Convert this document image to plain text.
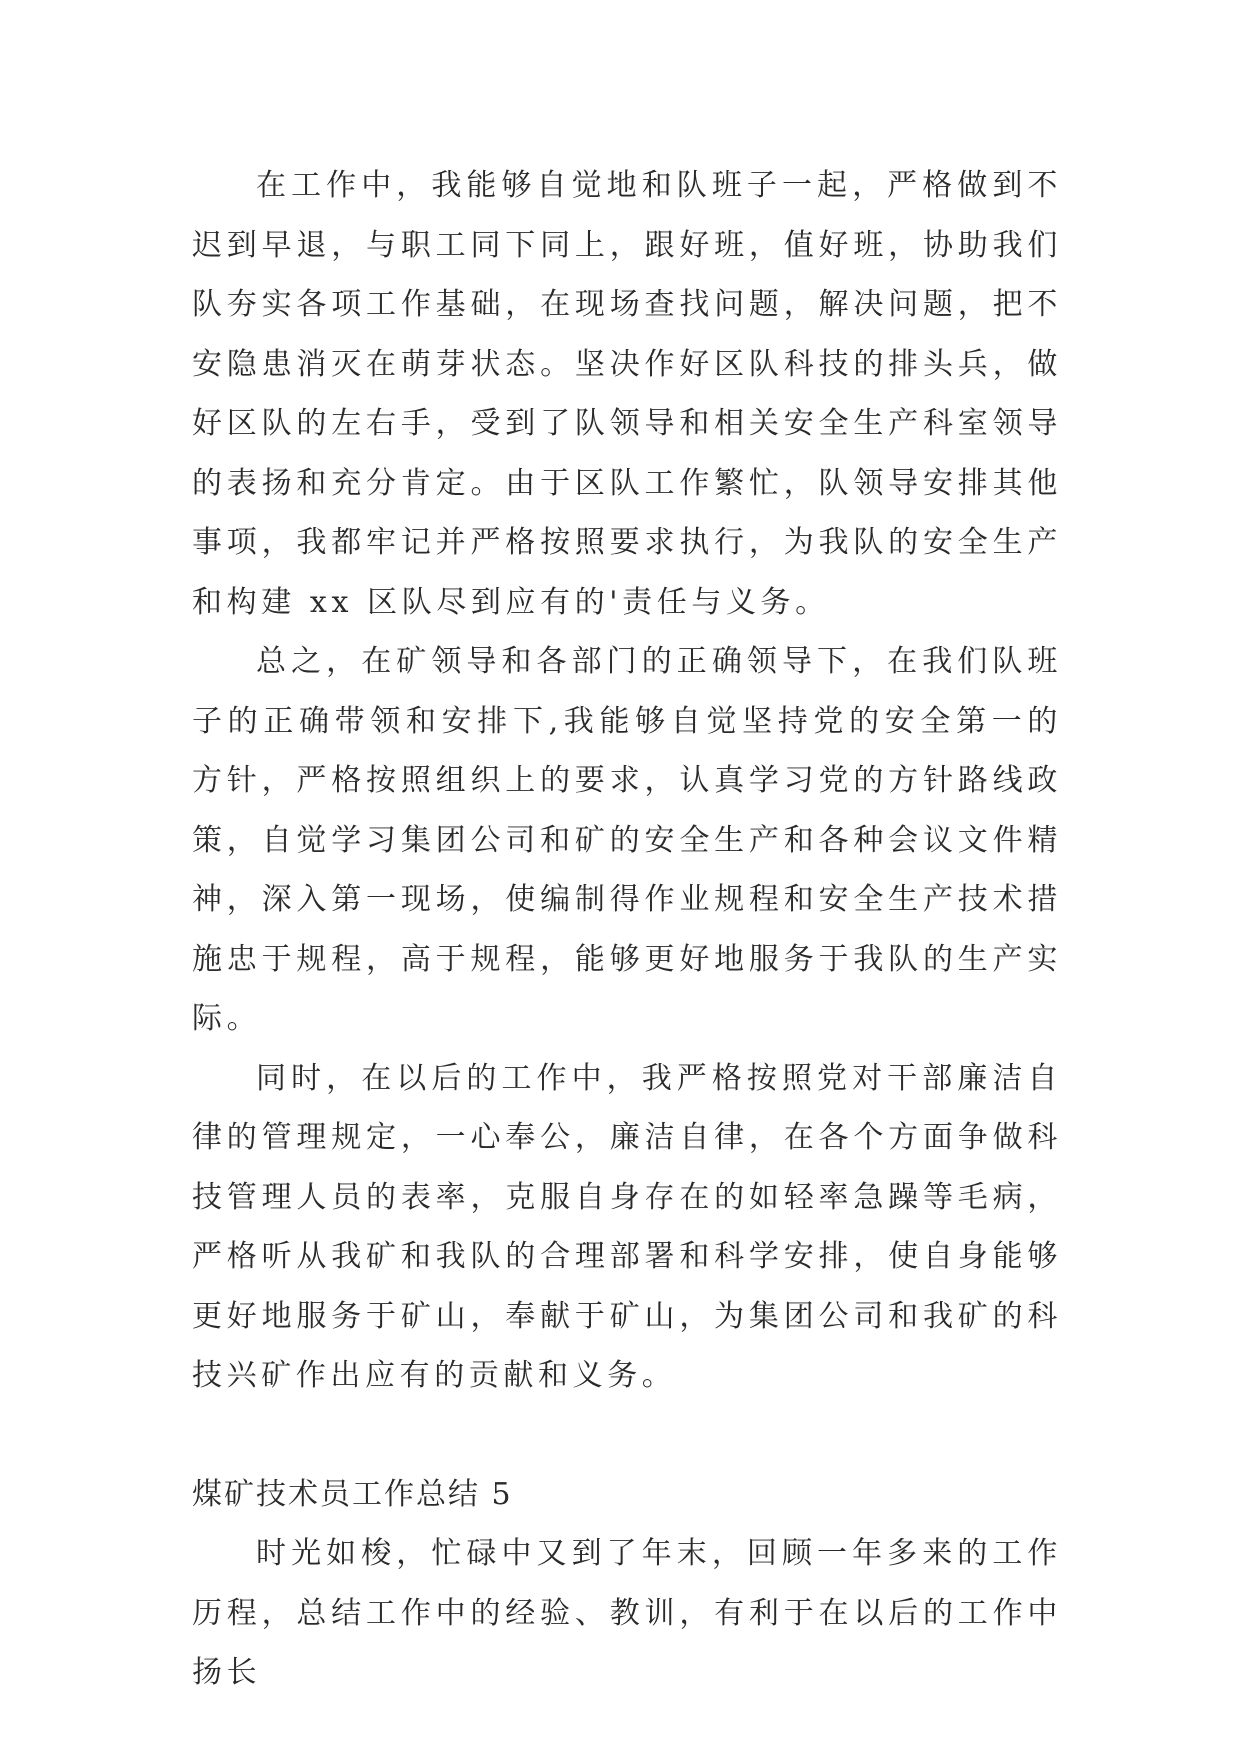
在工作中，我能够自觉地和队班子一起，严格做到不迟到早退，与职工同下同上，跟好班，值好班，协助我们队夯实各项工作基础，在现场查找问题，解决问题，把不安隐患消灭在萌芽状态。坚决作好区队科技的排头兵，做好区队的左右手，受到了队领导和相关安全生产科室领导的表扬和充分肯定。由于区队工作繁忙，队领导安排其他事项，我都牢记并严格按照要求执行，为我队的安全生产和构建 xx 区队尽到应有的'责任与义务。

总之，在矿领导和各部门的正确领导下，在我们队班子的正确带领和安排下,我能够自觉坚持党的安全第一的方针，严格按照组织上的要求，认真学习党的方针路线政策，自觉学习集团公司和矿的安全生产和各种会议文件精神，深入第一现场，使编制得作业规程和安全生产技术措施忠于规程，高于规程，能够更好地服务于我队的生产实际。

同时，在以后的工作中，我严格按照党对干部廉洁自律的管理规定，一心奉公，廉洁自律，在各个方面争做科技管理人员的表率，克服自身存在的如轻率急躁等毛病，严格听从我矿和我队的合理部署和科学安排，使自身能够更好地服务于矿山，奉献于矿山，为集团公司和我矿的科技兴矿作出应有的贡献和义务。

煤矿技术员工作总结 5

时光如梭，忙碌中又到了年末，回顾一年多来的工作历程，总结工作中的经验、教训，有利于在以后的工作中扬长
